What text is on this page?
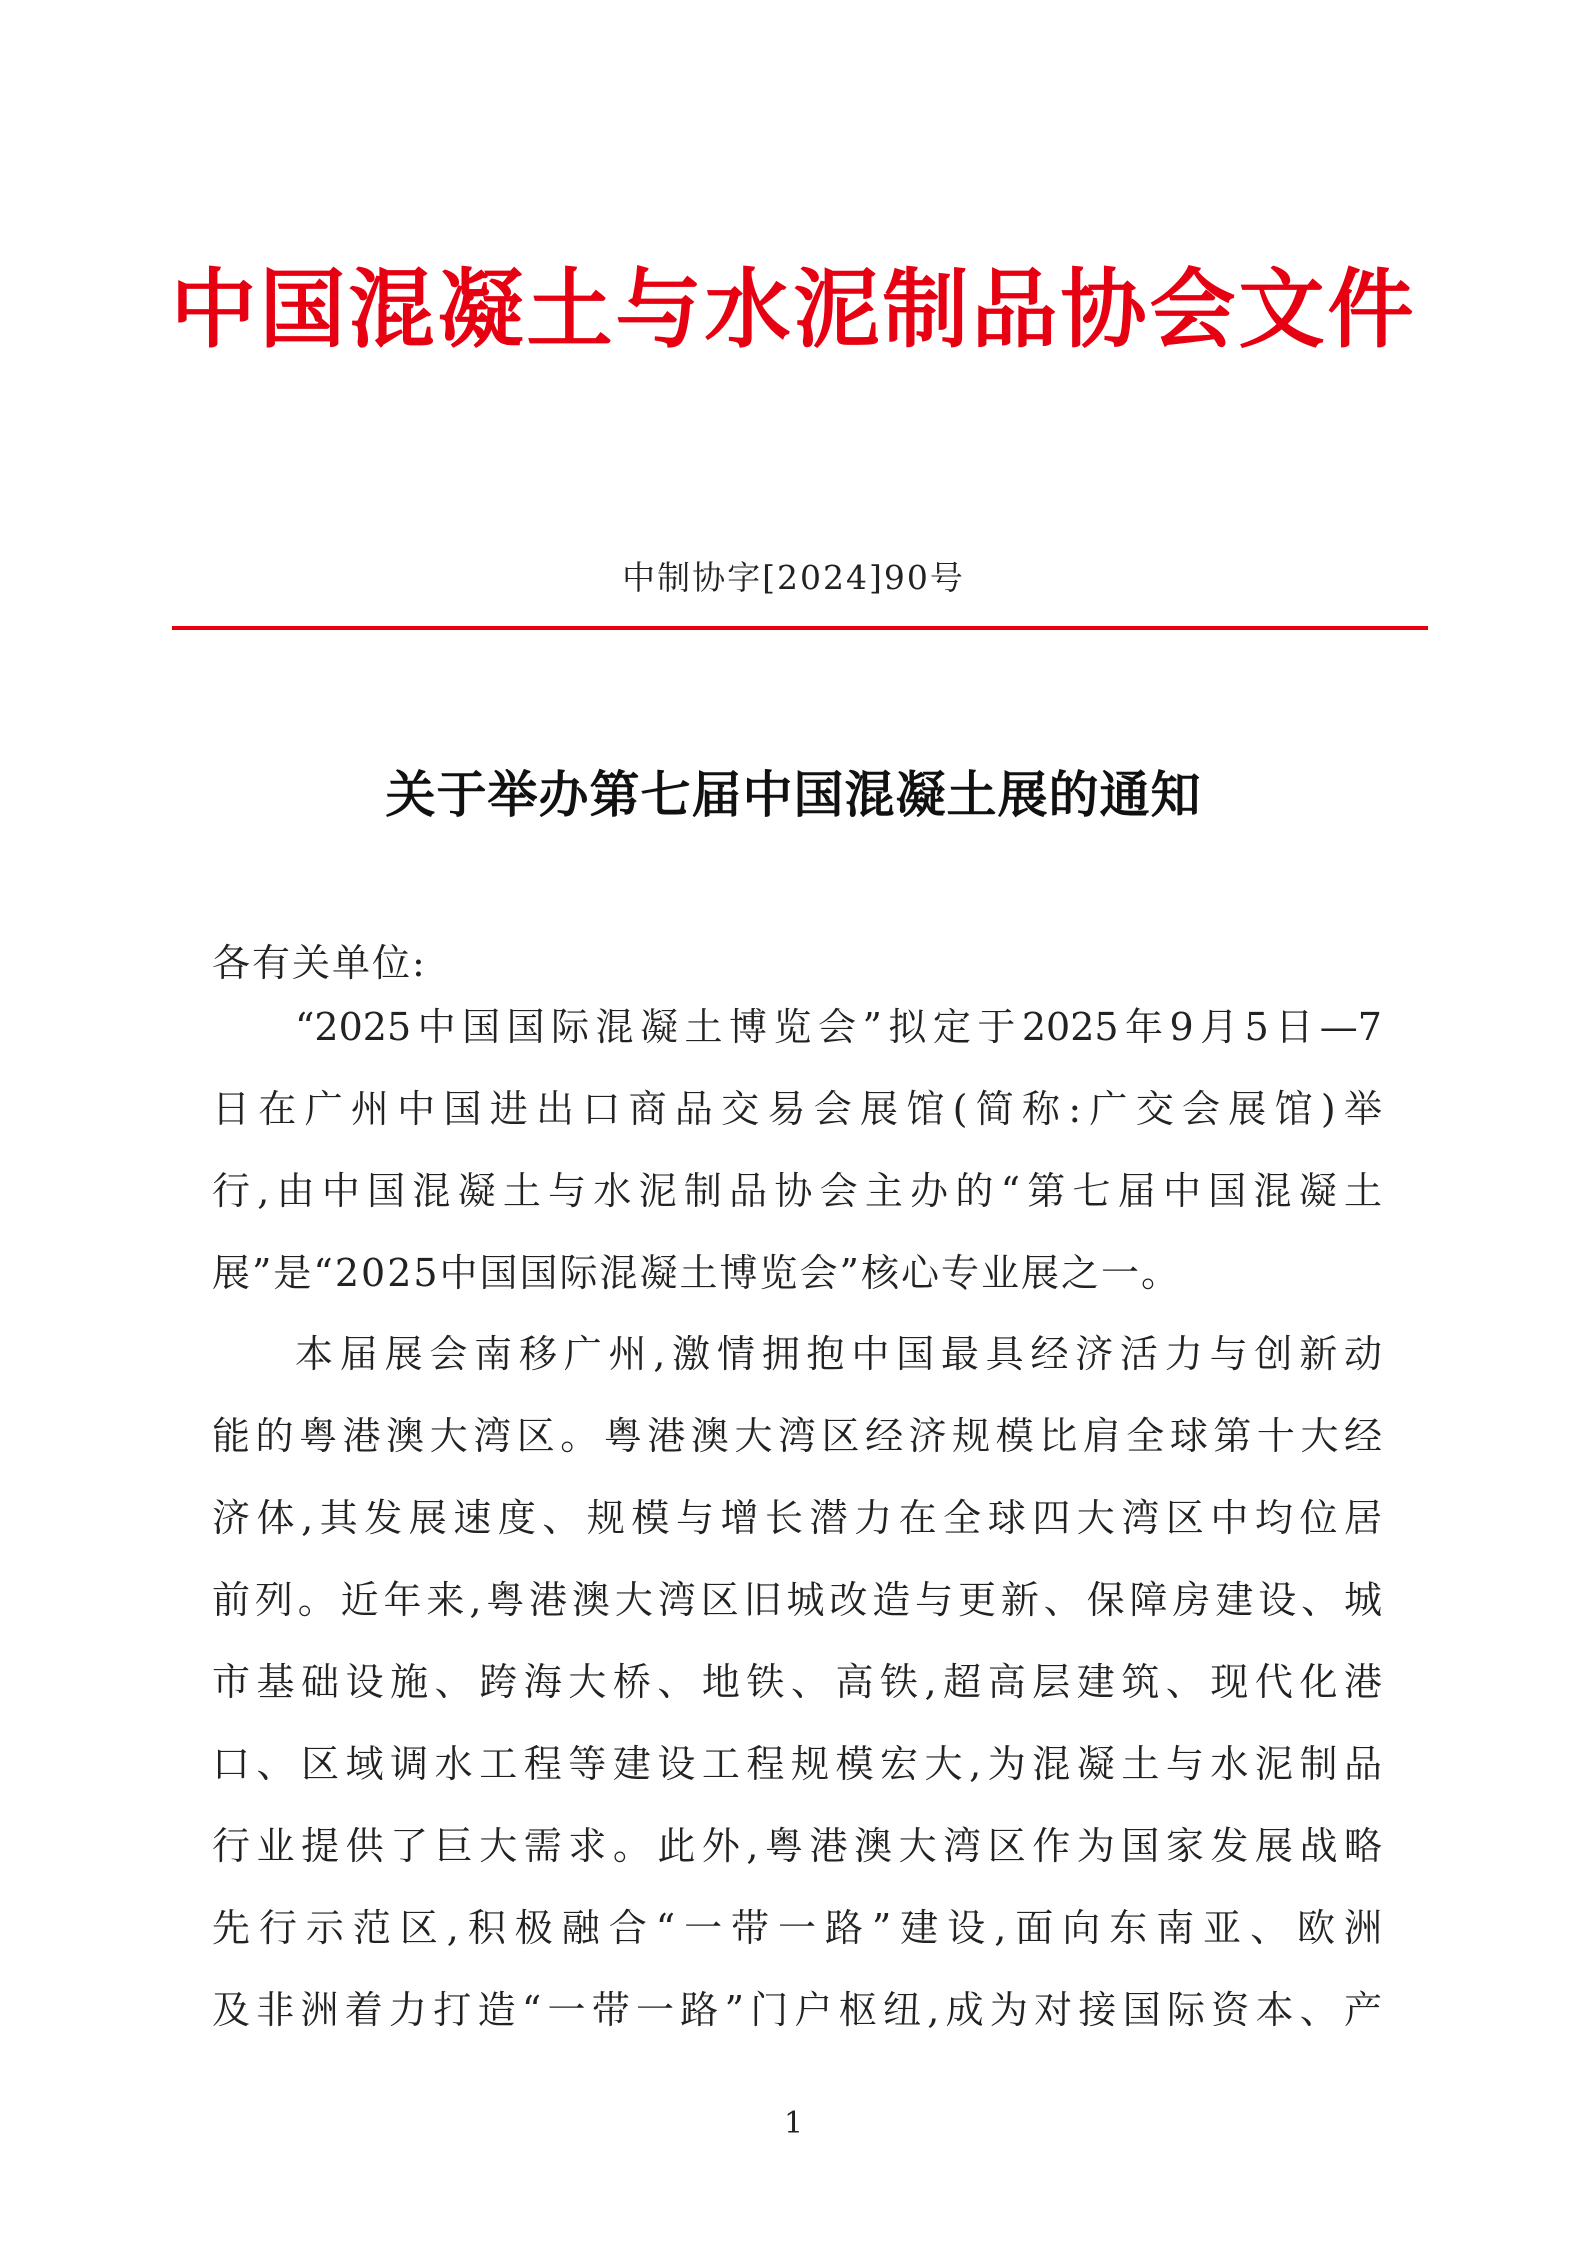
中国混凝土与水泥制品协会文件
中制协字[2024]90号
关于举办第七届中国混凝土展的通知
各有关单位:
“2025中国国际混凝土博览会”拟定于2025年9月5日—7
日在广州中国进出口商品交易会展馆(简称:广交会展馆)举
行,由中国混凝土与水泥制品协会主办的“第七届中国混凝土
展”是“2025中国国际混凝土博览会”核心专业展之一。
本届展会南移广州,激情拥抱中国最具经济活力与创新动
能的粤港澳大湾区。粤港澳大湾区经济规模比肩全球第十大经
济体,其发展速度、规模与增长潜力在全球四大湾区中均位居
前列。近年来,粤港澳大湾区旧城改造与更新、保障房建设、城
市基础设施、跨海大桥、地铁、高铁,超高层建筑、现代化港
口、区域调水工程等建设工程规模宏大,为混凝土与水泥制品
行业提供了巨大需求。此外,粤港澳大湾区作为国家发展战略
先行示范区,积极融合“一带一路”建设,面向东南亚、欧洲
及非洲着力打造“一带一路”门户枢纽,成为对接国际资本、产
1
